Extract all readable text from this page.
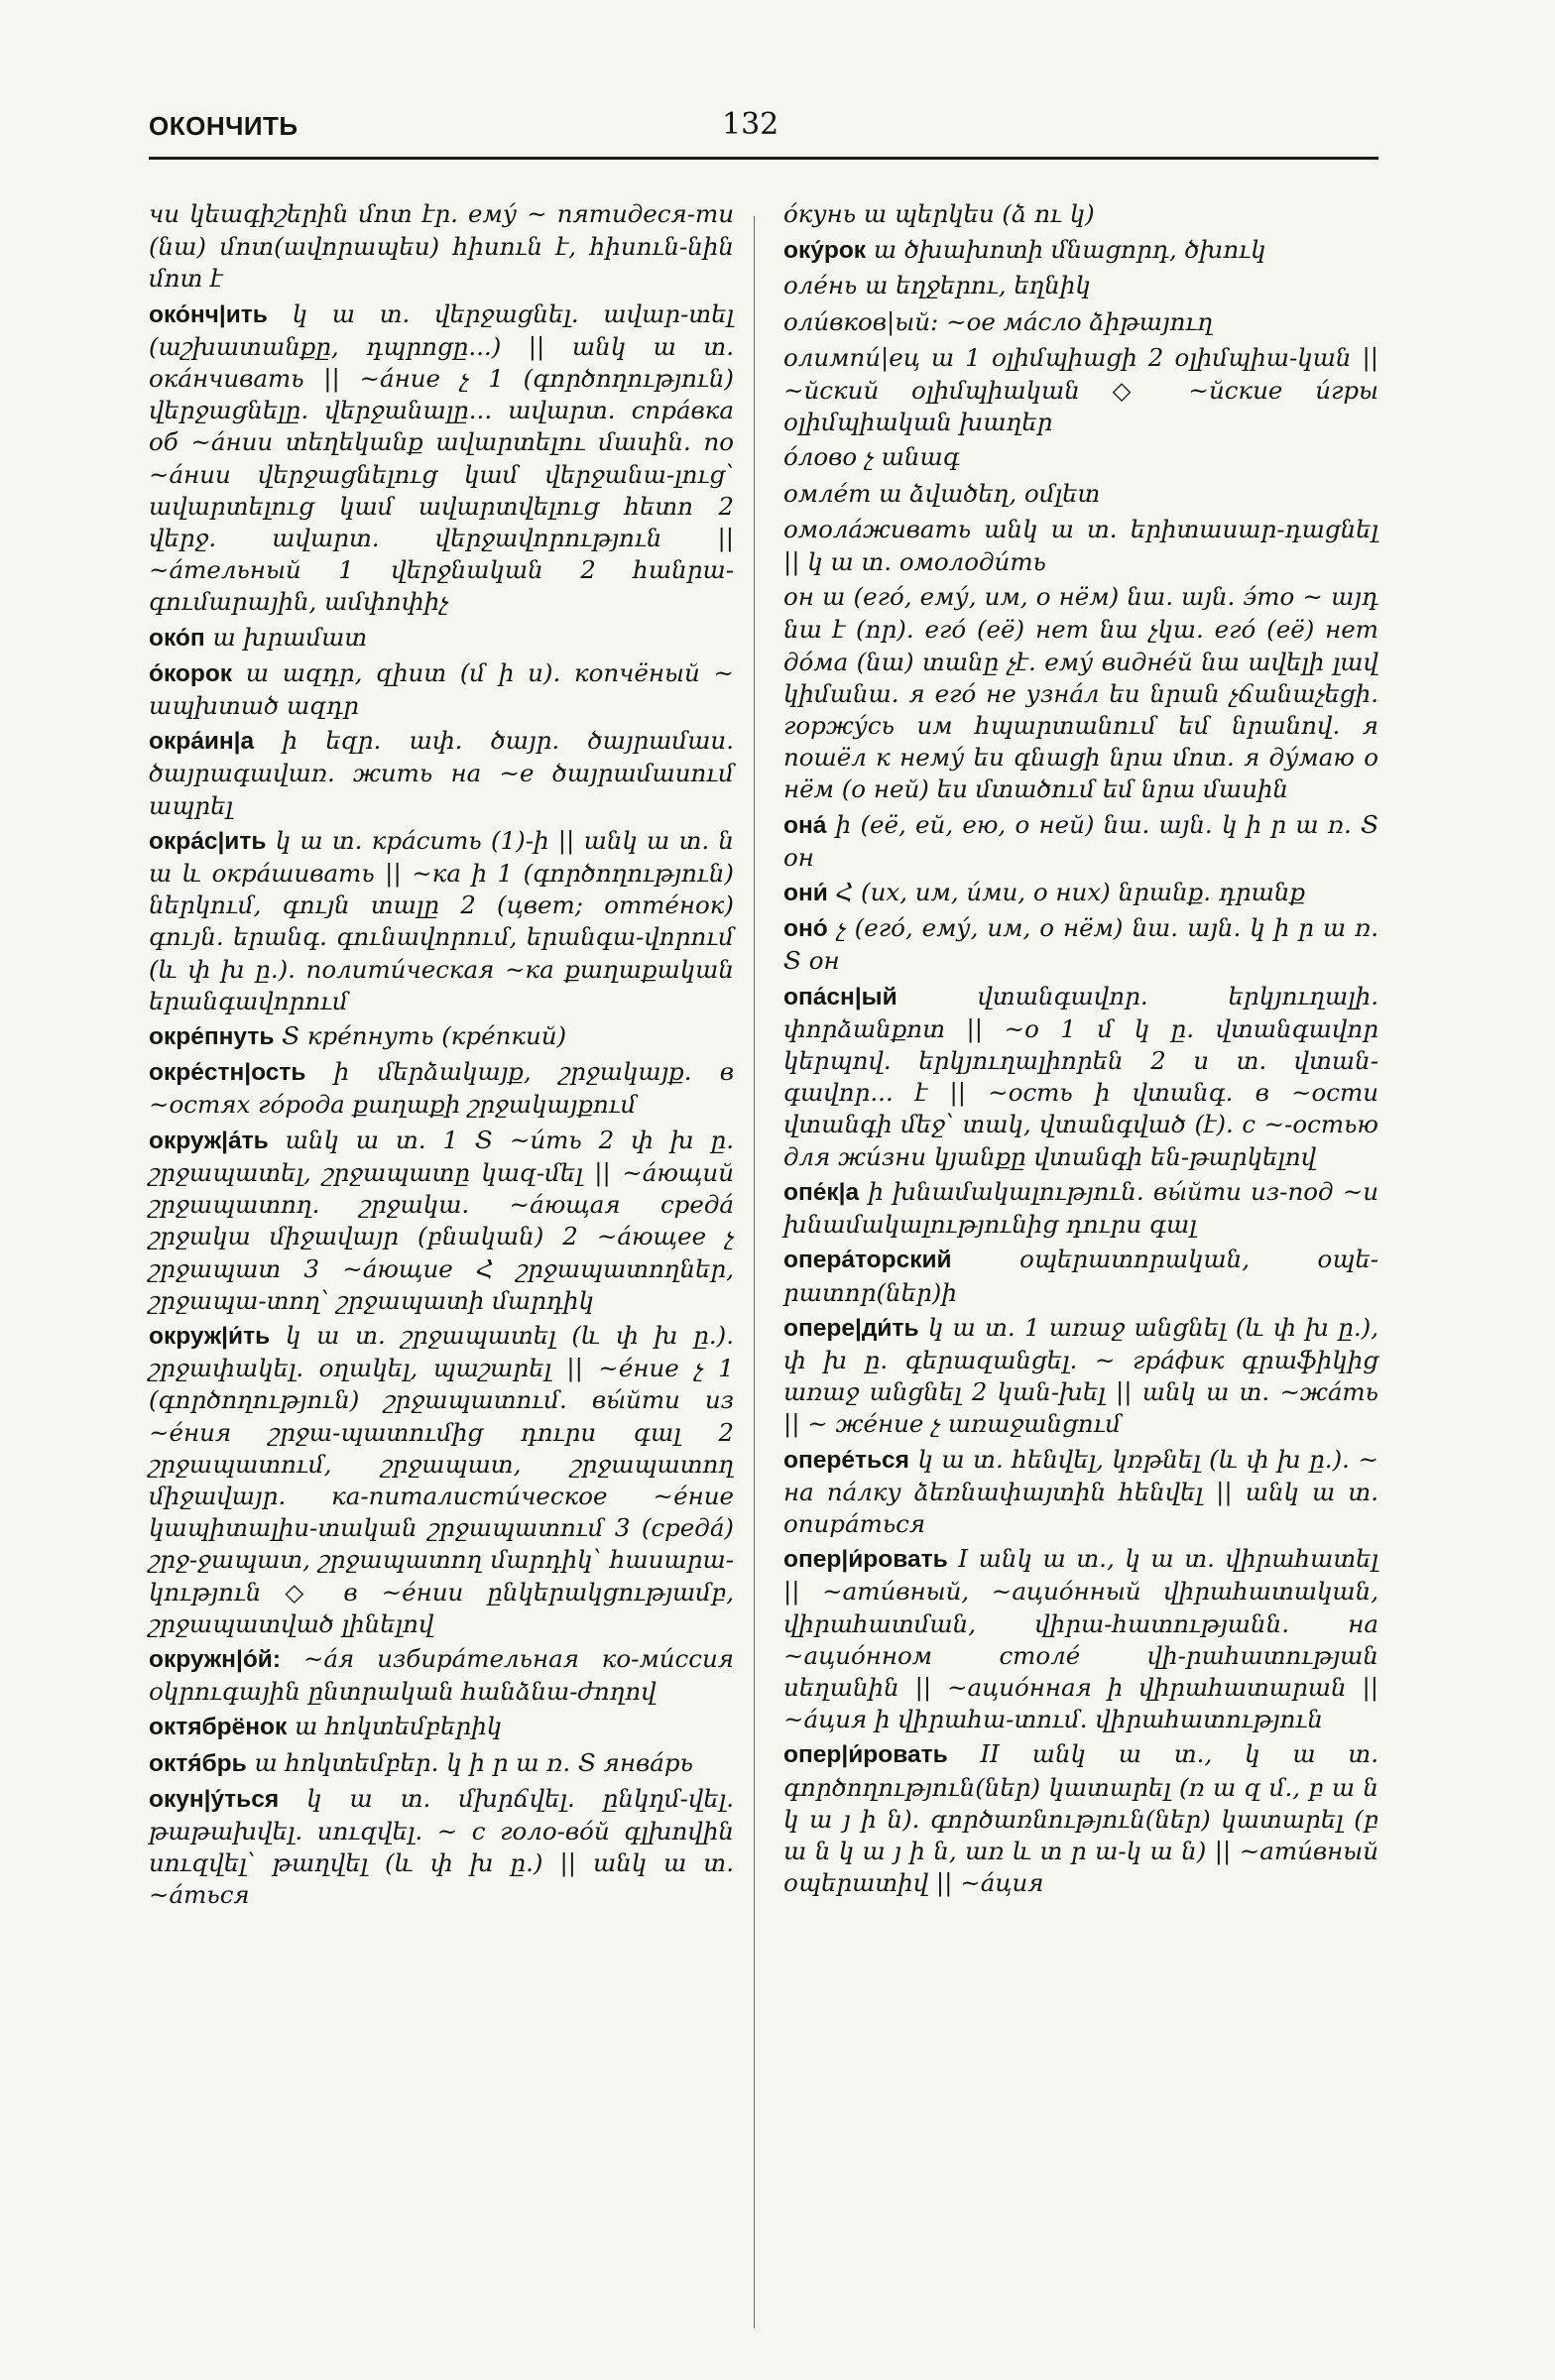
ОКОНЧИТЬ	132

чи կեագիշերին մոտ էր. ему́ ~ пятидеся-ти (նա) մոտ(ավորապես) հիսուն է, հիսուն-նին մոտ է

око́нч|ить կ ա տ. վերջացնել. ավար-տել (աշխատանքը, դպրոցը...) || անկ ա տ. ока́нчивать || ~а́ние չ 1 (գործողություն) վերջացնելը. վերջանալը... ավարտ. спра́вка об ~а́нии տեղեկանք ավարտելու մասին. по ~а́нии վերջացնելուց կամ վերջանա-լուց՝ ավարտելուց կամ ավարտվելուց հետո 2 վերջ. ավարտ. վերջավորություն || ~а́тельный 1 վերջնական 2 հանրա-գումարային, ամփոփիչ

око́п ա խրամատ

о́корок ա ազդր, զիստ (մ ի ս). копчёный ~ ապխտած ազդր

окра́ин|а ի եզր. ափ. ծայր. ծայրամաս. ծայրագավառ. жить на ~е ծայրամասում ապրել

окра́с|ить կ ա տ. кра́сить (1)-ի || անկ ա տ. ն ա և окра́шивать || ~ка ի 1 (գործողություն) ներկում, գույն տալը 2 (цвет; отте́нок) գույն. երանգ. գունավորում, երանգա-վորում (և փ խ ը.). полити́ческая ~ка քաղաքական երանգավորում

окре́пнуть Տ кре́пнуть (кре́пкий)

окре́стн|ость ի մերձակայք, շրջակայք. в ~остях го́рода քաղաքի շրջակայքում

окруж|а́ть անկ ա տ. 1 Տ ~и́ть 2 փ խ ը. շրջապատել, շրջապատը կազ-մել || ~а́ющий շրջապատող. շրջակա. ~а́ющая среда́ շրջակա միջավայր (բնական) 2 ~а́ющее չ շրջապատ 3 ~а́ющие Հ շրջապատողներ, շրջապա-տող՝ շրջապատի մարդիկ

окруж|и́ть կ ա տ. շրջապատել (և փ խ ը.). շրջափակել. օղակել, պաշարել || ~е́ние չ 1 (գործողություն) շրջապատում. вы́йти из ~е́ния շրջա-պատումից դուրս գալ 2 շրջապատում, շրջապատ, շրջապատող միջավայր. ка-питалисти́ческое ~е́ние կապիտալիս-տական շրջապատում 3 (среда́) շրջ-ջապատ, շրջապատող մարդիկ՝ հասարա-կություն ◇ в ~е́нии ընկերակցությամբ, շրջապատված լինելով

окружн|о́й: ~а́я избира́тельная ко-ми́ссия օկրուգային ընտրական հանձնա-ժողով

октябрёнок ա հոկտեմբերիկ

октя́брь ա հոկտեմբեր. կ ի ր ա ռ. Տ янва́рь

окун|у́ться կ ա տ. մխրճվել. ընկղմ-վել. թաթախվել. սուզվել. ~ с голо-во́й գլխովին սուզվել՝ թաղվել (և փ խ ը.) || անկ ա տ. ~а́ться

о́кунь ա պերկես (ձ ու կ)

оку́рок ա ծխախոտի մնացորդ, ծխուկ

оле́нь ա եղջերու, եղնիկ

оли́вков|ый: ~ое ма́сло ձիթայուղ

олимпи́|ец ա 1 օլիմպիացի 2 օլիմպիա-կան || ~йский օլիմպիական ◇ ~йские и́гры օլիմպիական խաղեր

о́лово չ անագ

омле́т ա ձվածեղ, օմլետ

омола́живать անկ ա տ. երիտասար-դացնել || կ ա տ. омолоди́ть

он ա (его́, ему́, им, о нём) նա. այն. э́то ~ այդ նա է (որ). его́ (её) нет նա չկա. его́ (её) нет до́ма (նա) տանը չէ. ему́ видне́й նա ավելի լավ կիմանա. я его́ не узна́л ես նրան չճանաչեցի. горжу́сь им հպարտանում եմ նրանով. я пошёл к нему́ ես գնացի նրա մոտ. я ду́маю о нём (о ней) ես մտածում եմ նրա մասին

она́ ի (её, ей, ею, о ней) նա. այն. կ ի ր ա ռ. Տ он

они́ Հ (их, им, и́ми, о них) նրանք. դրանք

оно́ չ (его́, ему́, им, о нём) նա. այն. կ ի ր ա ռ. Տ он

опа́сн|ый	վտանգավոր. երկյուղալի. փորձանքոտ || ~о 1 մ կ ը. վտանգավոր կերպով. երկյուղալիորեն 2 ս տ. վտան-գավոր... է || ~ость ի վտանգ. в ~ости վտանգի մեջ՝ տակ, վտանգված (է). с ~-остью для жи́зни կյանքը վտանգի են-թարկելով

опе́к|а ի խնամակալություն. вы́йти из-под ~и խնամակալությունից դուրս գալ

опера́торский	օպերատորական, օպե-րատոր(ներ)ի

опере|ди́ть կ ա տ. 1 առաջ անցնել (և փ խ ը.), փ խ ը. գերազանցել. ~ гра́фик գրաֆիկից առաջ անցնել 2 կան-խել || անկ ա տ. ~жа́ть || ~ же́ние չ առաջանցում

опере́ться կ ա տ. հենվել, կռթնել (և փ խ ը.). ~ на па́лку ձեռնափայտին հենվել || անկ ա տ. опира́ться

опер|и́ровать I անկ ա տ., կ ա տ. վիրահատել || ~ати́вный, ~ацио́нный վիրահատական, վիրահատման, վիրա-հատությանն. на ~ацио́нном столе́ վի-րահատության սեղանին || ~ацио́нная ի վիրահատարան || ~а́ция ի վիրահա-տում. վիրահատություն

опер|и́ровать II անկ ա տ., կ ա տ. գործողություն(ներ) կատարել (ռ ա զ մ., բ ա ն կ ա յ ի ն). գործառնություն(ներ) կատարել (բ ա ն կ ա յ ի ն, առ և տ ր ա-կ ա ն) || ~ати́вный օպերատիվ || ~а́ция
